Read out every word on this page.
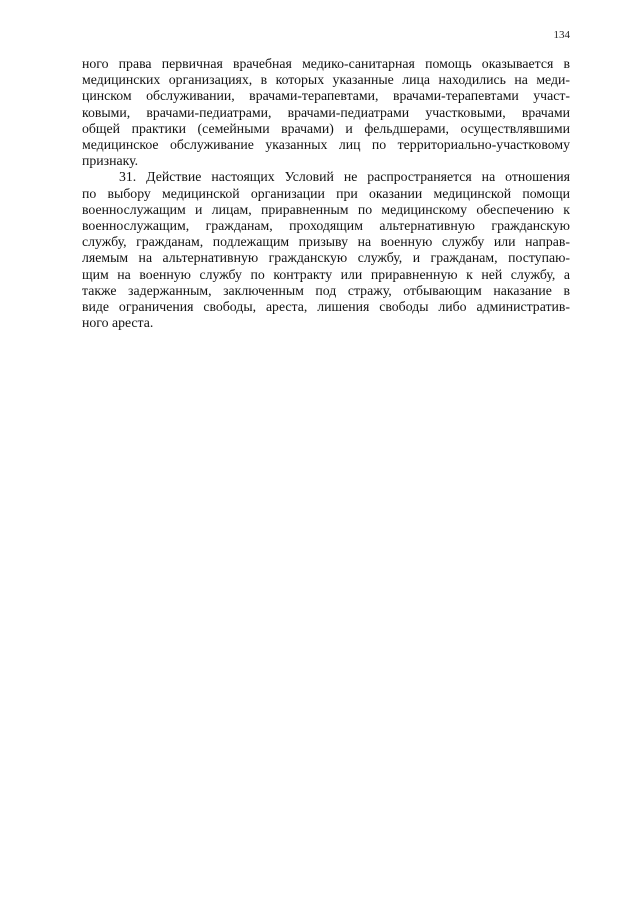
134
ного права первичная врачебная медико-санитарная помощь оказывается в
медицинских организациях, в которых указанные лица находились на меди-
цинском обслуживании, врачами-терапевтами, врачами-терапевтами участ-
ковыми, врачами-педиатрами, врачами-педиатрами участковыми, врачами
общей практики (семейными врачами) и фельдшерами, осуществлявшими
медицинское обслуживание указанных лиц по территориально-участковому
признаку.
31. Действие настоящих Условий не распространяется на отношения
по выбору медицинской организации при оказании медицинской помощи
военнослужащим и лицам, приравненным по медицинскому обеспечению к
военнослужащим, гражданам, проходящим альтернативную гражданскую
службу, гражданам, подлежащим призыву на военную службу или направ-
ляемым на альтернативную гражданскую службу, и гражданам, поступаю-
щим на военную службу по контракту или приравненную к ней службу, а
также задержанным, заключенным под стражу, отбывающим наказание в
виде ограничения свободы, ареста, лишения свободы либо административ-
ного ареста.
